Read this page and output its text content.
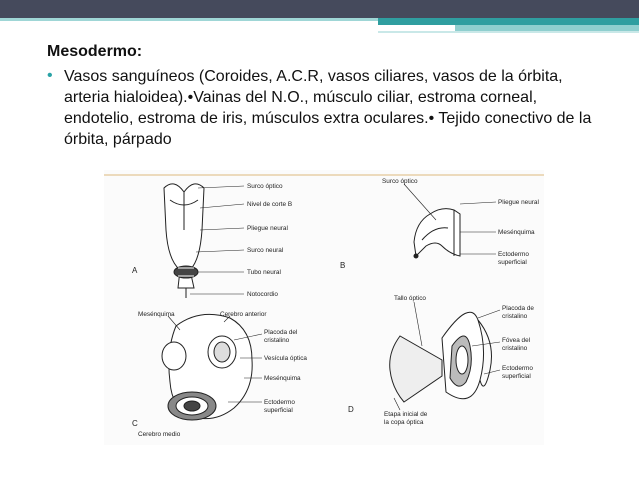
Mesodermo:
• Vasos sanguíneos (Coroides, A.C.R, vasos ciliares, vasos de la órbita, arteria hialoidea).•Vainas del N.O., músculo ciliar, estroma corneal, endotelio, estroma de iris, músculos extra oculares.• Tejido conectivo de la órbita, párpado
Surco óptico
Nivel de corte B
Pliegue neural
Surco neural
Tubo neural
Notocordio
A
Surco óptico
Pliegue neural
Mesénquima
Ectodermo
superficial
B
Mesénquima	Cerebro anterior
Placoda del
cristalino
Vesícula óptica
Mesénquima
Ectodermo
superficial
Cerebro medio
C
Tallo óptico
Placoda de
cristalino
Fóvea del
cristalino
Ectodermo
superficial
Etapa inicial de
la copa óptica
D
